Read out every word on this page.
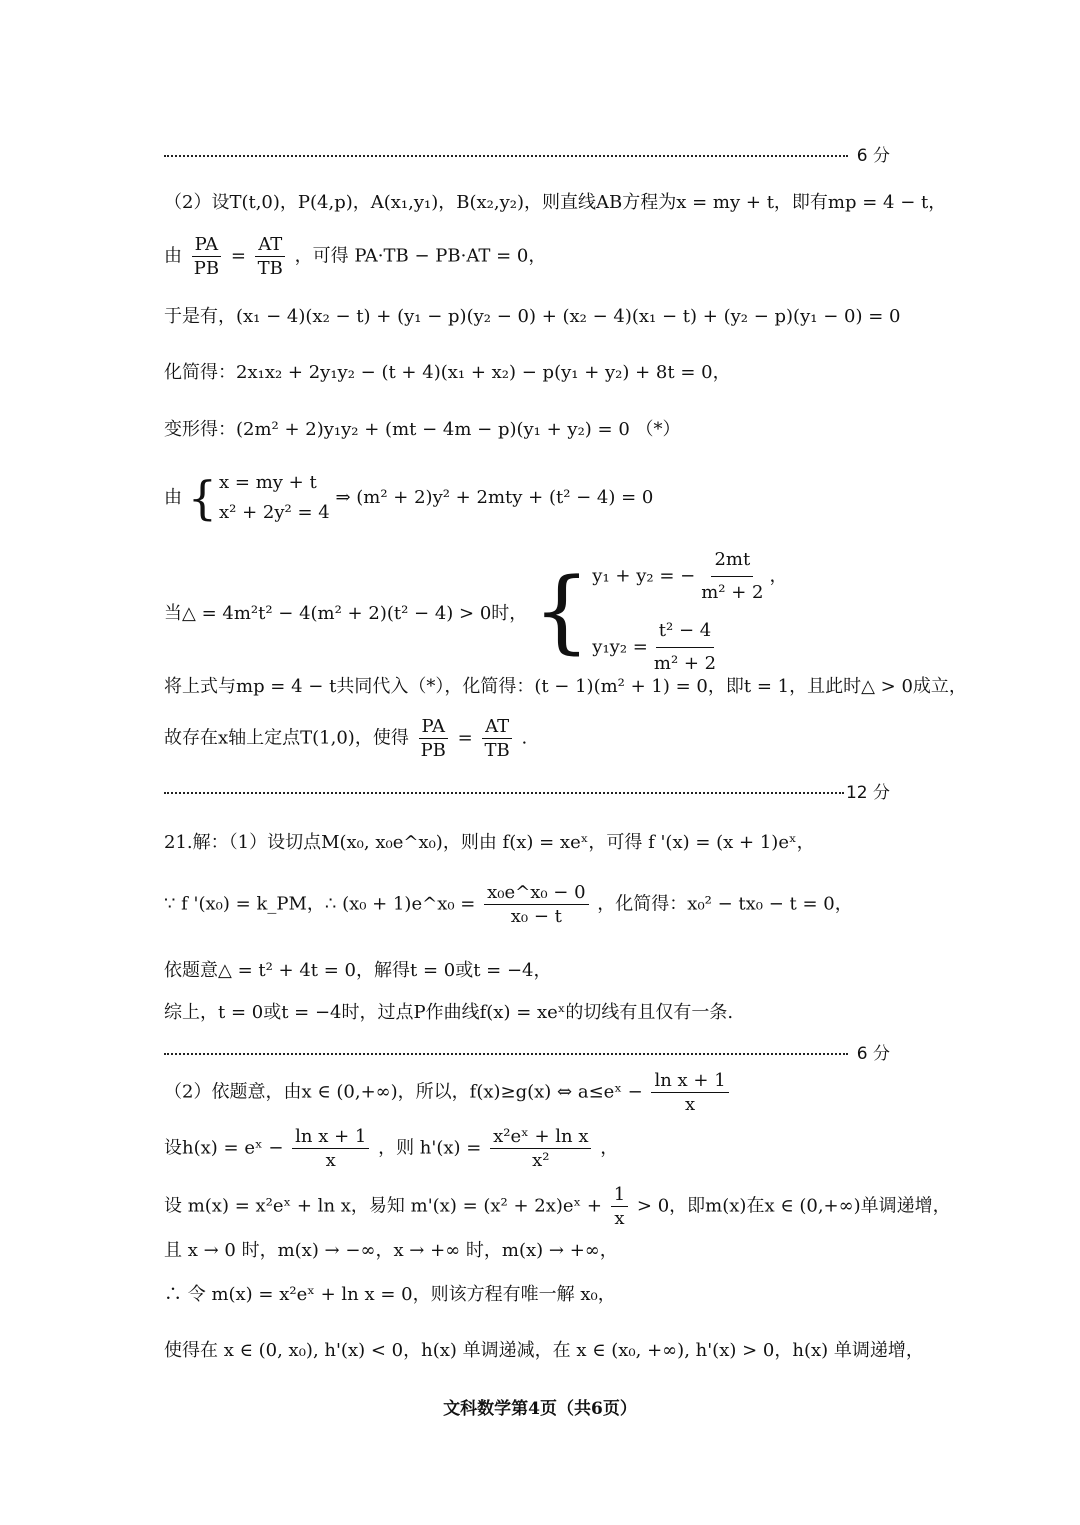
6 分
（2）设T(t,0)，P(4,p)，A(x₁,y₁)，B(x₂,y₂)，则直线AB方程为x = my + t，即有mp = 4 − t，
由 $\frac{PA}{PB} = \frac{AT}{TB}$ ，可得 PA·TB − PB·AT = 0，
于是有，(x₁ − 4)(x₂ − t) + (y₁ − p)(y₂ − 0) + (x₂ − 4)(x₁ − t) + (y₂ − p)(y₁ − 0) = 0
化简得：2x₁x₂ + 2y₁y₂ − (t + 4)(x₁ + x₂) − p(y₁ + y₂) + 8t = 0，
变形得：(2m² + 2)y₁y₂ + (mt − 4m − p)(y₁ + y₂) = 0 （*）
由 { x = my + t
x² + 2y² = 4
⇒ (m² + 2)y² + 2mty + (t² − 4) = 0
当△ = 4m²t² − 4(m² + 2)(t² − 4) > 0时， { y₁ + y₂ = − $\frac{2mt}{\text{m² + 2}}$ ，
$y_1y_2 = \frac{\text{t² − 4}}{\text{m² + 2}}$
将上式与mp = 4 − t共同代入（*），化简得：(t − 1)(m² + 1) = 0，即t = 1，且此时△ > 0成立，
故存在x轴上定点T(1,0)，使得 $\frac{PA}{PB} = \frac{AT}{TB}$ .
12 分
21.解：（1）设切点M(x₀, x₀e^x₀)，则由 f(x) = xeˣ，可得 f '(x) = (x + 1)eˣ，
∵ f '(x₀) = k_PM，∴ (x₀ + 1)e^x₀ = $\frac{\text{x₀e\textasciicircum{}x₀ − 0}}{\text{x₀ − t}}$ ，化简得：x₀² − tx₀ − t = 0，
依题意△ = t² + 4t = 0，解得t = 0或t = −4，
综上，t = 0或t = −4时，过点P作曲线f(x) = xeˣ的切线有且仅有一条.
6 分
（2）依题意，由x ∈ (0,+∞)，所以，f(x)≥g(x) ⇔ a≤eˣ − $\frac{\text{ln x + 1}}{x}$
设h(x) = eˣ − $\frac{\text{ln x + 1}}{x}$ ，则 $h'(x) = \frac{\text{x²eˣ + ln x}}{\text{x²}}$ ，
设 m(x) = x²eˣ + ln x，易知 m'(x) = (x² + 2x)eˣ + $\frac{1}{x} > 0$，即m(x)在x ∈ (0,+∞)单调递增，
且 x → 0 时，m(x) → −∞，x → +∞ 时，m(x) → +∞，
∴ 令 m(x) = x²eˣ + ln x = 0，则该方程有唯一解 x₀，
使得在 x ∈ (0, x₀), h'(x) < 0，h(x) 单调递减，在 x ∈ (x₀, +∞), h'(x) > 0，h(x) 单调递增，
文科数学第4页（共6页）
